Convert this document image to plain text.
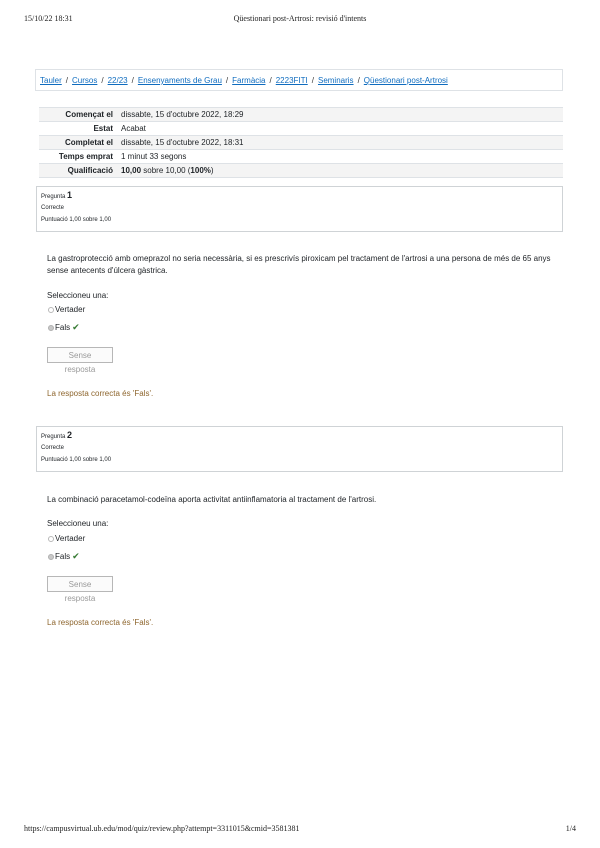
15/10/22 18:31	Qüestionari post-Artrosi: revisió d'intents
Tauler / Cursos / 22/23 / Ensenyaments de Grau / Farmàcia / 2223FITI / Seminaris / Qüestionari post-Artrosi
Començat el	dissabte, 15 d'octubre 2022, 18:29
Estat	Acabat
Completat el	dissabte, 15 d'octubre 2022, 18:31
Temps emprat	1 minut 33 segons
Qualificació	10,00 sobre 10,00 (100%)
Pregunta 1
Correcte
Puntuació 1,00 sobre 1,00
La gastroprotecció amb omeprazol no seria necessària, si es prescrivís piroxicam pel tractament de l'artrosi a una persona de més de 65 anys sense antecents d'úlcera gàstrica.
Seleccioneu una:
Vertader
Fals ✔
Sense resposta
La resposta correcta és 'Fals'.
Pregunta 2
Correcte
Puntuació 1,00 sobre 1,00
La combinació paracetamol-codeïna aporta activitat antiinflamatoria al tractament de l'artrosi.
Seleccioneu una:
Vertader
Fals ✔
Sense resposta
La resposta correcta és 'Fals'.
https://campusvirtual.ub.edu/mod/quiz/review.php?attempt=3311015&cmid=3581381	1/4
